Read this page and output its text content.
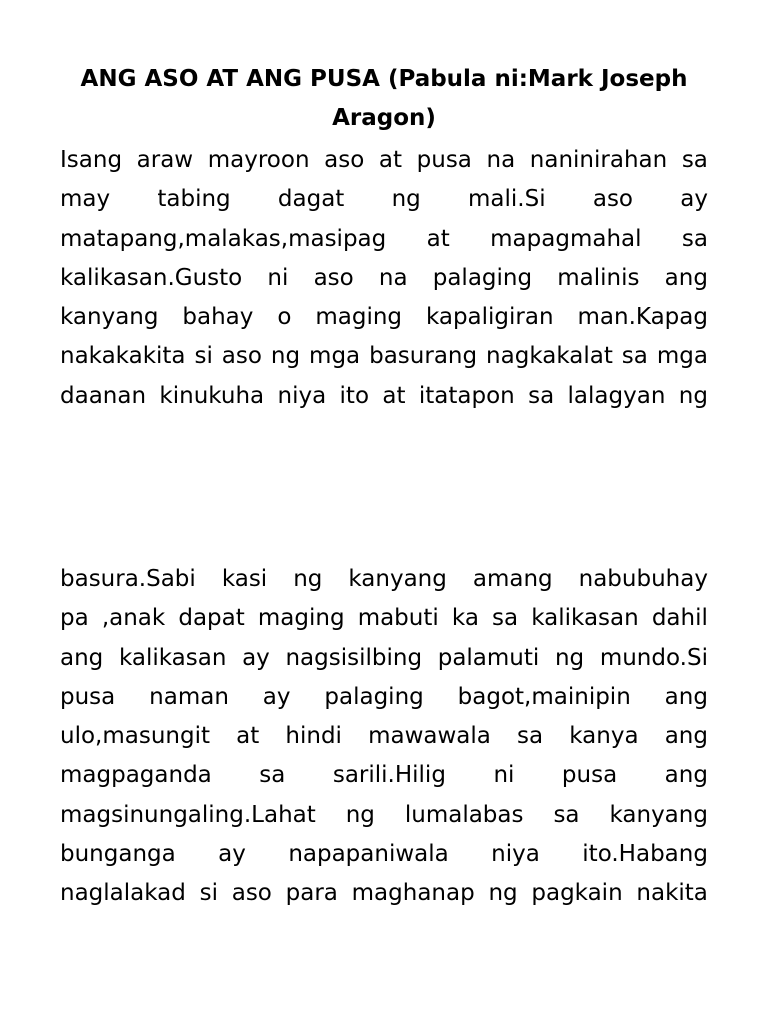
ANG ASO AT ANG PUSA (Pabula ni:Mark Joseph Aragon)
Isang araw mayroon aso at pusa na naninirahan sa
may tabing dagat ng mali.Si aso ay
matapang,malakas,masipag at mapagmahal sa
kalikasan.Gusto ni aso na palaging malinis ang
kanyang bahay o maging kapaligiran man.Kapag
nakakakita si aso ng mga basurang nagkakalat sa mga
daanan kinukuha niya ito at itatapon sa lalagyan ng
basura.Sabi kasi ng kanyang amang nabubuhay
pa ,anak dapat maging mabuti ka sa kalikasan dahil
ang kalikasan ay nagsisilbing palamuti ng mundo.Si
pusa naman ay palaging bagot,mainipin ang
ulo,masungit at hindi mawawala sa kanya ang
magpaganda sa sarili.Hilig ni pusa ang
magsinungaling.Lahat ng lumalabas sa kanyang
bunganga ay napapaniwala niya ito.Habang
naglalakad si aso para maghanap ng pagkain nakita
